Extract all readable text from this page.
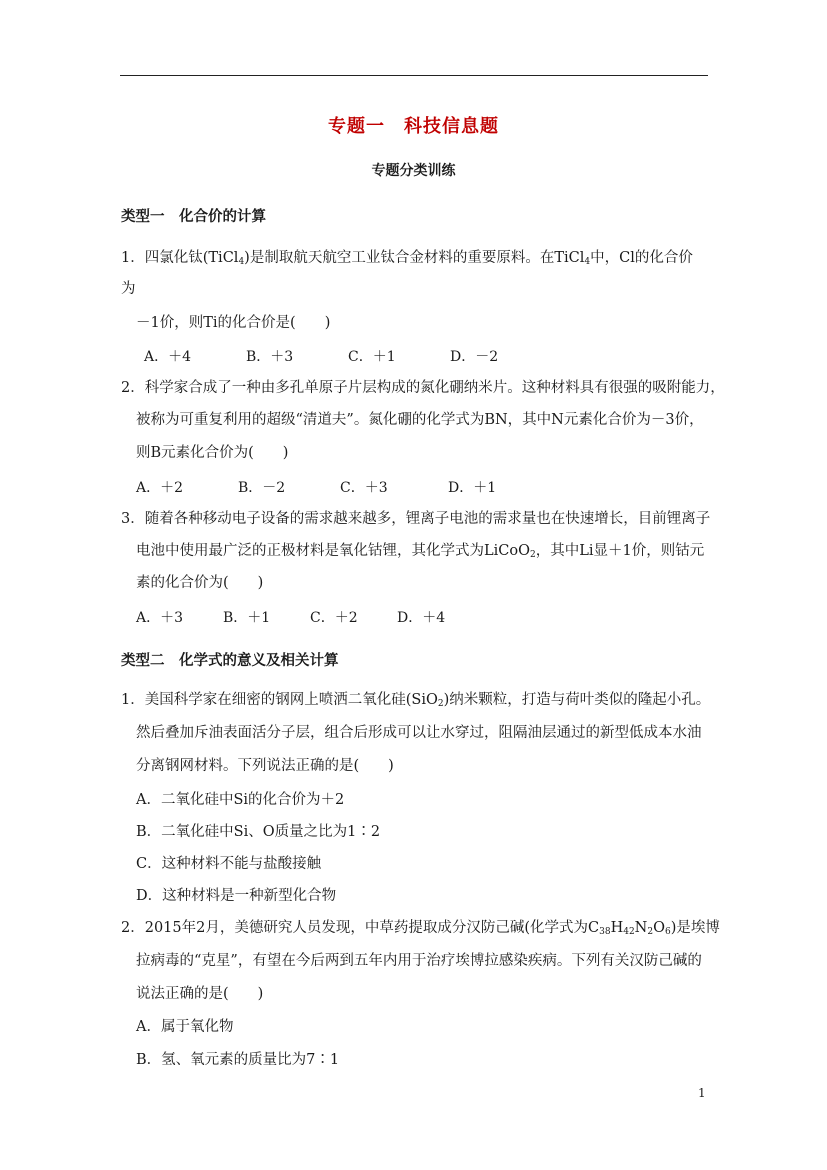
专题一　科技信息题
专题分类训练
类型一　化合价的计算
1．四氯化钛(TiCl$_4$)是制取航天航空工业钛合金材料的重要原料。在TiCl$_4$中，Cl的化合价
为
－1价，则Ti的化合价是(　　)
A．＋4	B．＋3	C．＋1	D．－2
2．科学家合成了一种由多孔单原子片层构成的氮化硼纳米片。这种材料具有很强的吸附能力，
被称为可重复利用的超级“清道夫”。氮化硼的化学式为BN，其中N元素化合价为－3价，
则B元素化合价为(　　)
A．＋2	B．－2	C．＋3	D．＋1
3．随着各种移动电子设备的需求越来越多，锂离子电池的需求量也在快速增长，目前锂离子
电池中使用最广泛的正极材料是氧化钴锂，其化学式为LiCoO$_2$，其中Li显＋1价，则钴元
素的化合价为(　　)
A．＋3	B．＋1	C．＋2	D．＋4
类型二　化学式的意义及相关计算
1．美国科学家在细密的钢网上喷洒二氧化硅(SiO$_2$)纳米颗粒，打造与荷叶类似的隆起小孔。
然后叠加斥油表面活分子层，组合后形成可以让水穿过，阻隔油层通过的新型低成本水油
分离钢网材料。下列说法正确的是(　　)
A．二氧化硅中Si的化合价为＋2
B．二氧化硅中Si、O质量之比为1∶2
C．这种材料不能与盐酸接触
D．这种材料是一种新型化合物
2．2015年2月，美德研究人员发现，中草药提取成分汉防己碱(化学式为$C_{38}H_{42}N_2O_6$)是埃博
拉病毒的“克星”，有望在今后两到五年内用于治疗埃博拉感染疾病。下列有关汉防己碱的
说法正确的是(　　)
A．属于氧化物
B．氢、氧元素的质量比为7∶1
1
